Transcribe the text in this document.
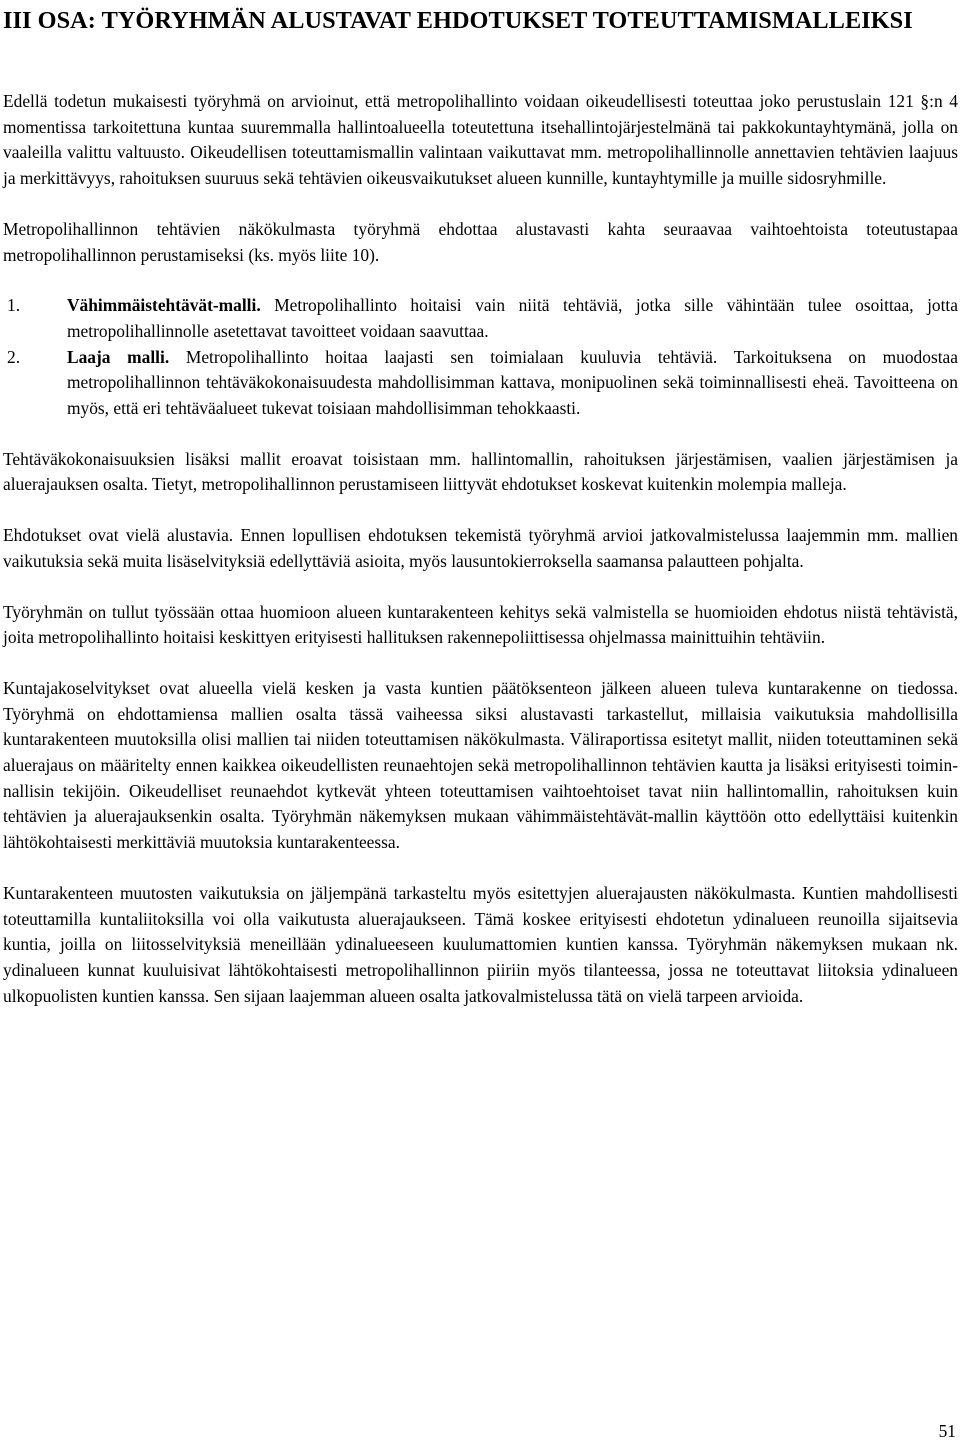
III OSA: TYÖRYHMÄN ALUSTAVAT EHDOTUKSET TOTEUTTAMISMALLEIKSI

Edellä todetun mukaisesti työryhmä on arvioinut, että metropolihallinto voidaan oikeudellisesti toteuttaa joko perustuslain 121 §:n 4 momentissa tarkoitettuna kuntaa suuremmalla hallintoalueella toteutettuna itsehallintojärjestelmänä tai pakkokuntayhtymänä, jolla on vaaleilla valittu valtuusto. Oikeudellisen toteuttamismallin valintaan vaikuttavat mm. metropolihallinnolle annettavien tehtävien laajuus ja merkittävyys, rahoituksen suuruus sekä tehtävien oikeusvaikutukset alueen kunnille, kuntayhtymille ja muille sidosryhmille.

Metropolihallinnon tehtävien näkökulmasta työryhmä ehdottaa alustavasti kahta seuraavaa vaihtoehtoista toteutustapaa metropolihallinnon perustamiseksi (ks. myös liite 10).

1.	Vähimmäistehtävät-malli. Metropolihallinto hoitaisi vain niitä tehtäviä, jotka sille vähintään tulee osoittaa, jotta metropolihallinnolle asetettavat tavoitteet voidaan saavuttaa.
2.	Laaja malli. Metropolihallinto hoitaa laajasti sen toimialaan kuuluvia tehtäviä. Tarkoituksena on muodostaa metropolihallinnon tehtäväkokonaisuudesta mahdollisimman kattava, monipuolinen sekä toiminnallisesti eheä. Tavoitteena on myös, että eri tehtäväalueet tukevat toisiaan mahdollisimman tehokkaasti.

Tehtäväkokonaisuuksien lisäksi mallit eroavat toisistaan mm. hallintomallin, rahoituksen järjestämisen, vaalien järjestämisen ja aluerajauksen osalta. Tietyt, metropolihallinnon perustamiseen liittyvät ehdotukset koskevat kuitenkin molempia malleja.

Ehdotukset ovat vielä alustavia. Ennen lopullisen ehdotuksen tekemistä työryhmä arvioi jatkovalmistelussa laajemmin mm. mallien vaikutuksia sekä muita lisäselvityksiä edellyttäviä asioita, myös lausuntokierroksella saamansa palautteen pohjalta.

Työryhmän on tullut työssään ottaa huomioon alueen kuntarakenteen kehitys sekä valmistella se huomioiden ehdotus niistä tehtävistä, joita metropolihallinto hoitaisi keskittyen erityisesti hallituksen rakennepoliittisessa ohjelmassa mainittuihin tehtäviin.

Kuntajakoselvitykset ovat alueella vielä kesken ja vasta kuntien päätöksenteon jälkeen alueen tuleva kuntarakenne on tiedossa. Työryhmä on ehdottamiensa mallien osalta tässä vaiheessa siksi alustavasti tarkastellut, millaisia vaikutuksia mahdollisilla kuntarakenteen muutoksilla olisi mallien tai niiden toteuttamisen näkökulmasta. Väliraportissa esitetyt mallit, niiden toteuttaminen sekä aluerajaus on määritelty ennen kaikkea oikeudellisten reunaehtojen sekä metropolihallinnon tehtävien kautta ja lisäksi erityisesti toiminnallisin tekijöin. Oikeudelliset reunaehdot kytkevät yhteen toteuttamisen vaihtoehtoiset tavat niin hallintomallin, rahoituksen kuin tehtävien ja aluerajauksenkin osalta. Työryhmän näkemyksen mukaan vähimmäistehtävät-mallin käyttöön otto edellyttäisi kuitenkin lähtökohtaisesti merkittäviä muutoksia kuntarakenteessa.

Kuntarakenteen muutosten vaikutuksia on jäljempänä tarkasteltu myös esitettyjen aluerajausten näkökulmasta. Kuntien mahdollisesti toteuttamilla kuntaliitoksilla voi olla vaikutusta aluerajaukseen. Tämä koskee erityisesti ehdotetun ydinalueen reunoilla sijaitsevia kuntia, joilla on liitosselvityksiä meneillään ydinalueeseen kuulumattomien kuntien kanssa. Työryhmän näkemyksen mukaan nk. ydinalueen kunnat kuuluisivat lähtökohtaisesti metropolihallinnon piiriin myös tilanteessa, jossa ne toteuttavat liitoksia ydinalueen ulkopuolisten kuntien kanssa. Sen sijaan laajemman alueen osalta jatkovalmistelussa tätä on vielä tarpeen arvioida.

51
